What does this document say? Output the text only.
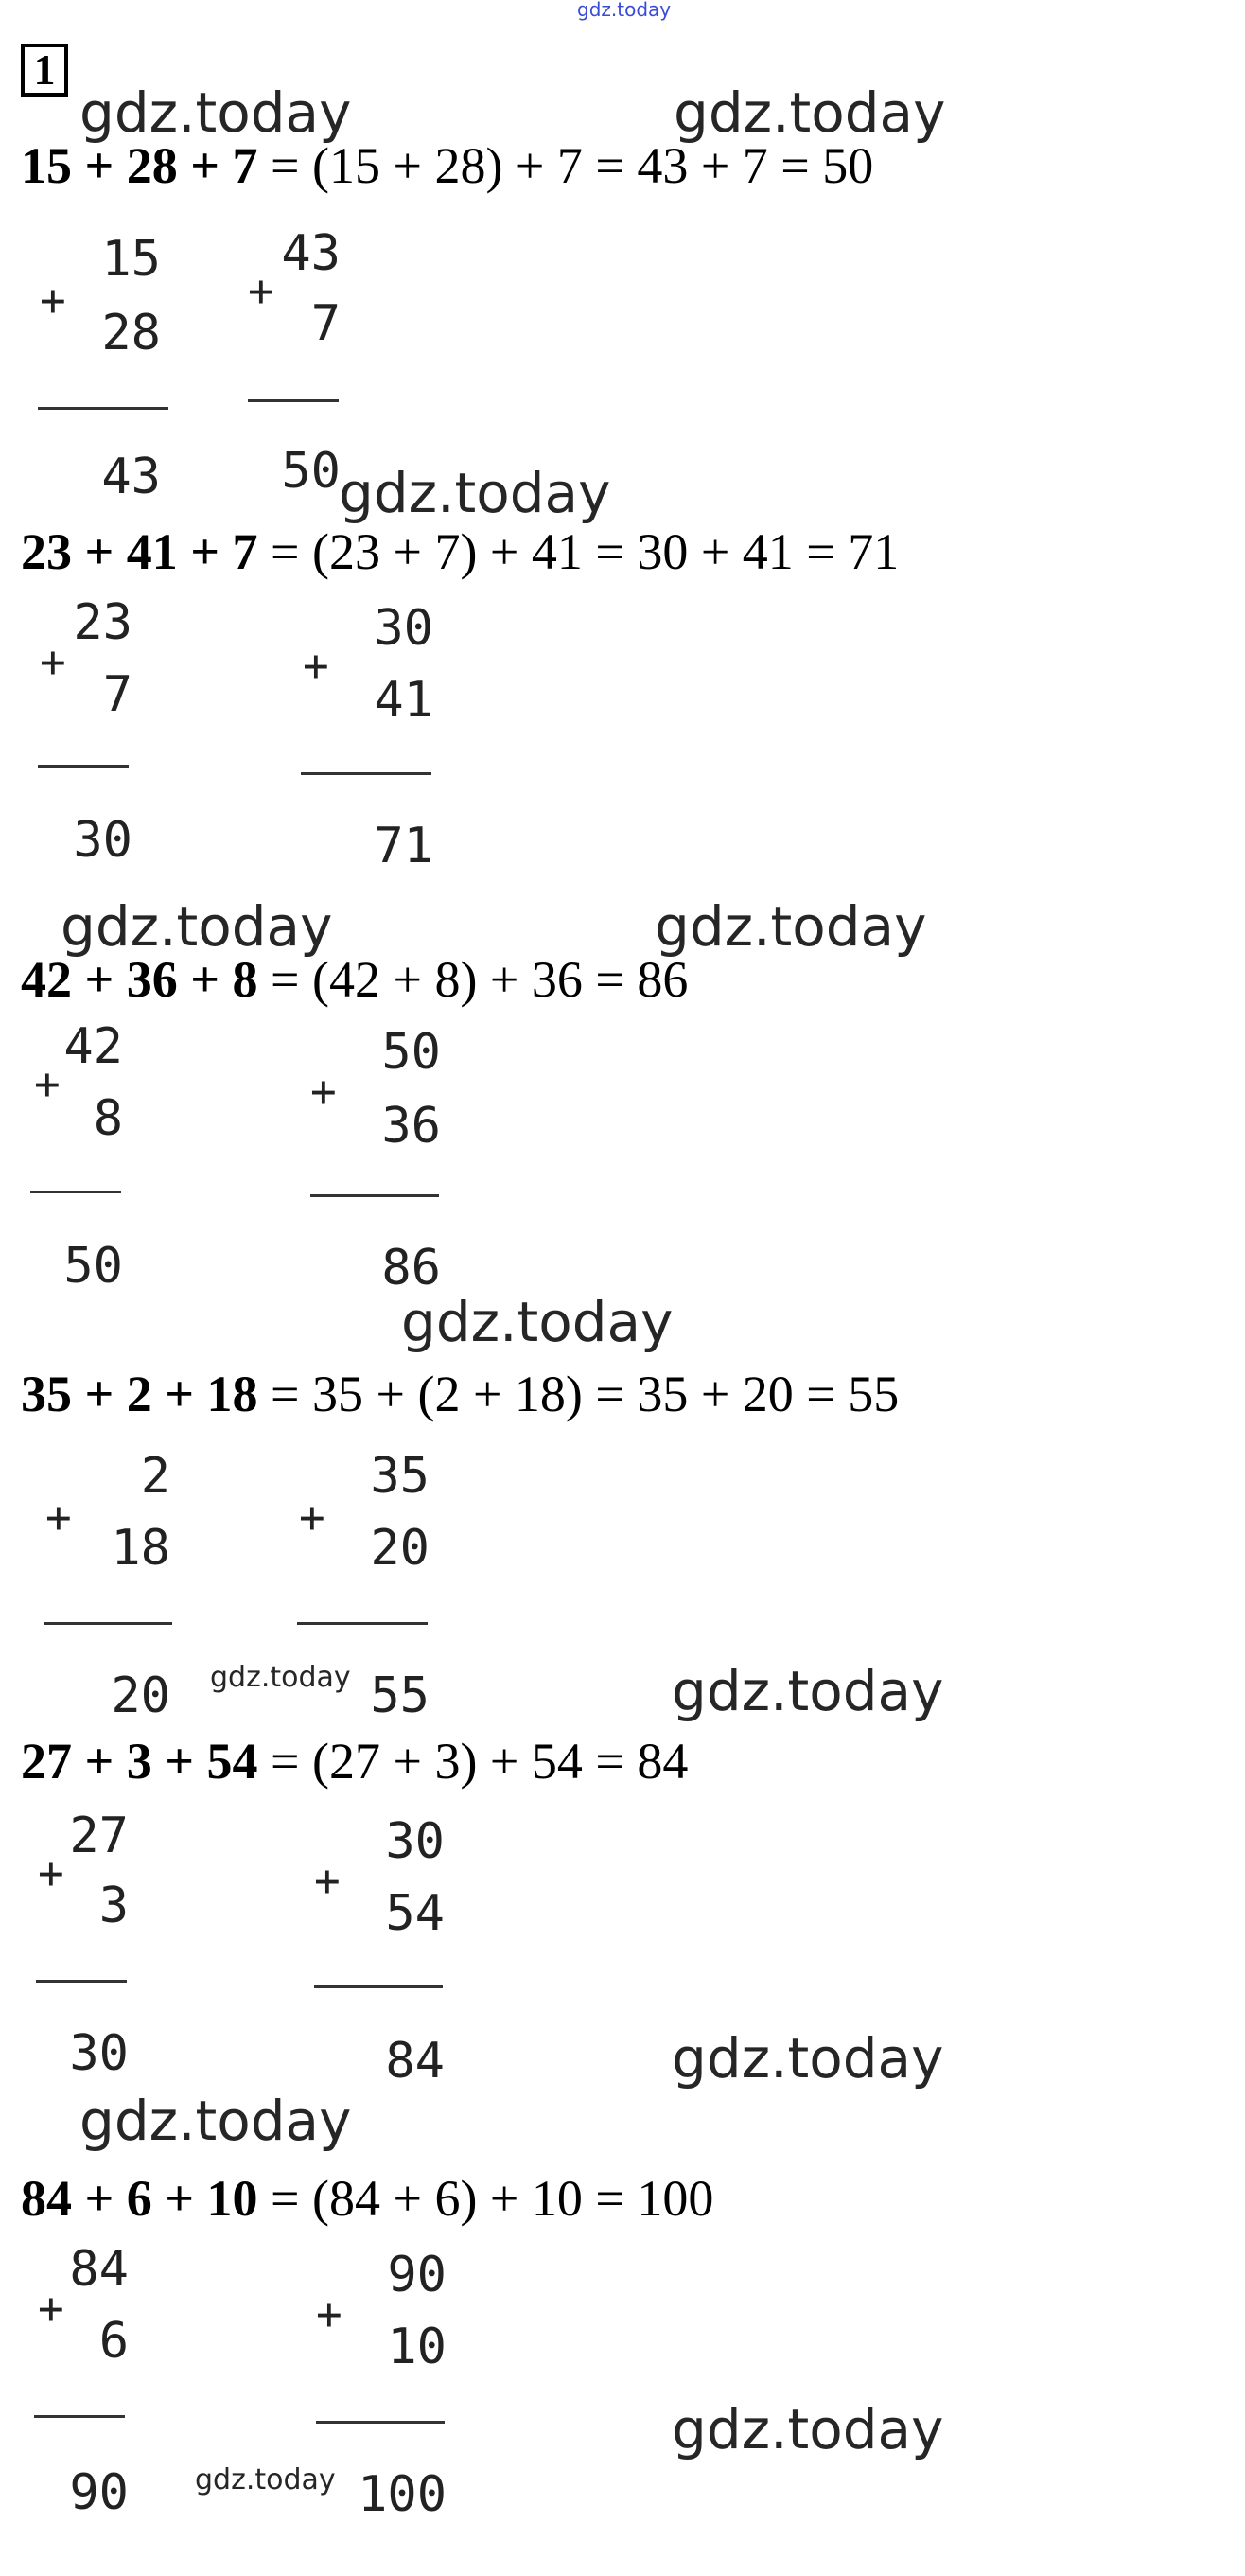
gdz.today
1
gdz.today	gdz.today
gdz.today
gdz.today	gdz.today
gdz.today
gdz.today	gdz.today
gdz.today
gdz.today
gdz.today
gdz.today
15 + 28 + 7 = (15 + 28) + 7 = 43 + 7 = 50
+
15
28
43
+
43
7
50
23 + 41 + 7 = (23 + 7) + 41 = 30 + 41 = 71
+
23
7
30
+
30
41
71
42 + 36 + 8 = (42 + 8) + 36 = 86
+
42
8
50
+
50
36
86
35 + 2 + 18 = 35 + (2 + 18) = 35 + 20 = 55
+
2
18
20
+
35
20
55
27 + 3 + 54 = (27 + 3) + 54 = 84
+
27
3
30
+
30
54
84
84 + 6 + 10 = (84 + 6) + 10 = 100
+
84
6
90
+
90
10
100
